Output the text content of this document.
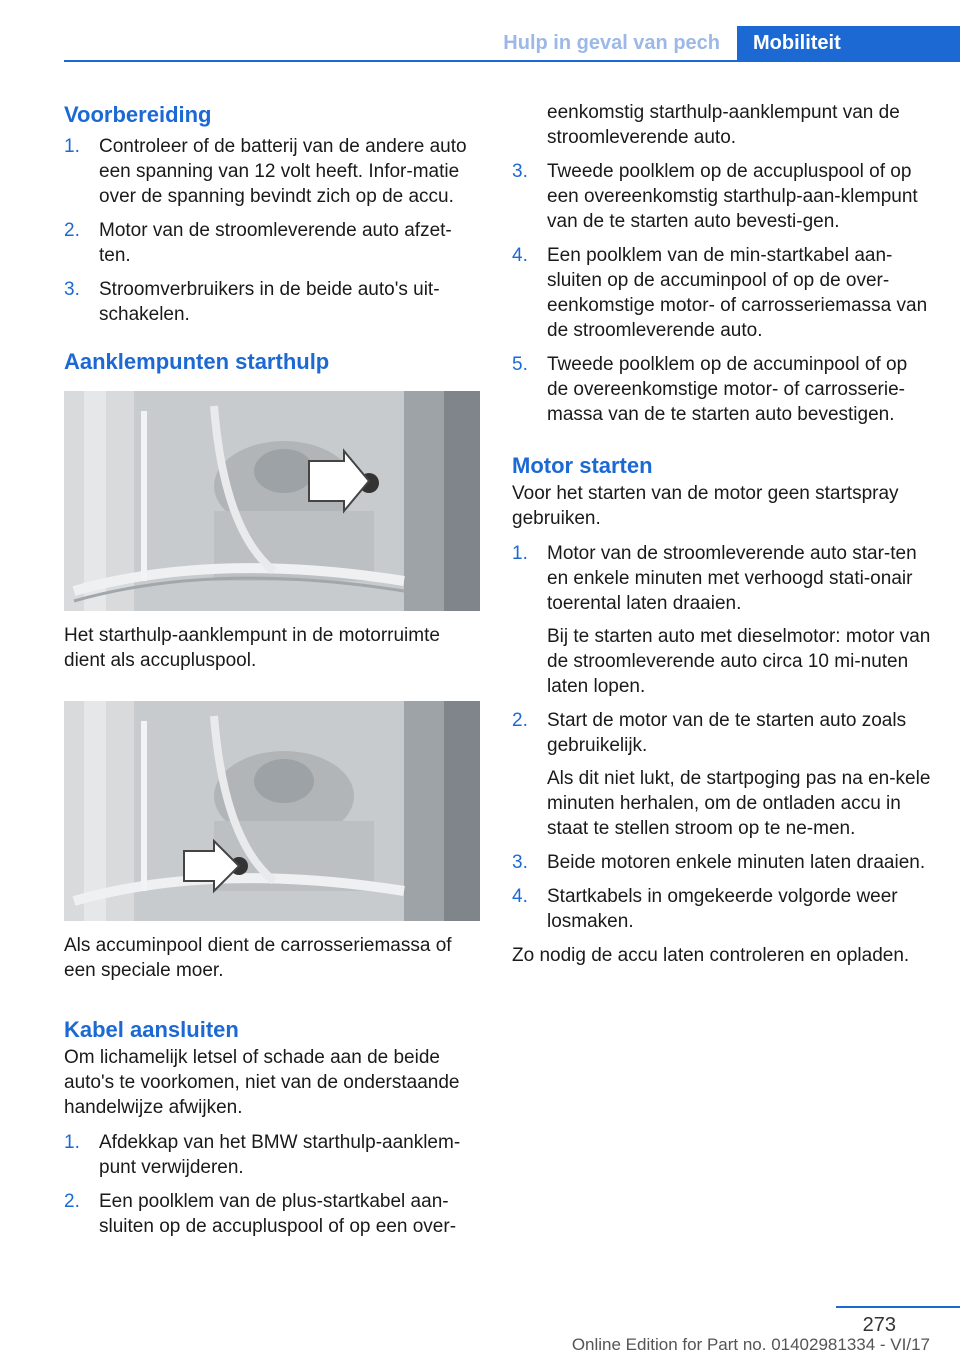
Hulp in geval van pech	Mobiliteit
Voorbereiding
1. Controleer of de batterij van de andere auto een spanning van 12 volt heeft. Infor‐matie over de spanning bevindt zich op de accu.
2. Motor van de stroomleverende auto afzet‐ten.
3. Stroomverbruikers in de beide auto's uit‐schakelen.
Aanklempunten starthulp

Het starthulp-aanklempunt in de motorruimte dient als accupluspool.

Als accuminpool dient de carrosseriemassa of een speciale moer.

Kabel aansluiten

Om lichamelijk letsel of schade aan de beide auto's te voorkomen, niet van de onderstaande handelwijze afwijken.

1. Afdekkap van het BMW starthulp-aanklem‐punt verwijderen.
2. Een poolklem van de plus-startkabel aan‐sluiten op de accupluspool of op een over‐

eenkomstig starthulp-aanklempunt van de stroomleverende auto.

3. Tweede poolklem op de accupluspool of op een overeenkomstig starthulp-aan‐klempunt van de te starten auto bevesti‐gen.
4. Een poolklem van de min-startkabel aan‐sluiten op de accuminpool of op de over‐eenkomstige motor- of carrosseriemassa van de stroomleverende auto.
5. Tweede poolklem op de accuminpool of op de overeenkomstige motor- of carrosserie‐massa van de te starten auto bevestigen.
Motor starten

Voor het starten van de motor geen startspray gebruiken.

1. Motor van de stroomleverende auto star‐ten en enkele minuten met verhoogd stati‐onair toerental laten draaien.
Bij te starten auto met dieselmotor: motor van de stroomleverende auto circa 10 mi‐nuten laten lopen.
2. Start de motor van de te starten auto zoals gebruikelijk.
Als dit niet lukt, de startpoging pas na en‐kele minuten herhalen, om de ontladen accu in staat te stellen stroom op te ne‐men.
3. Beide motoren enkele minuten laten draaien.
4. Startkabels in omgekeerde volgorde weer losmaken.

Zo nodig de accu laten controleren en opladen.

273
Online Edition for Part no. 01402981334 - VI/17
